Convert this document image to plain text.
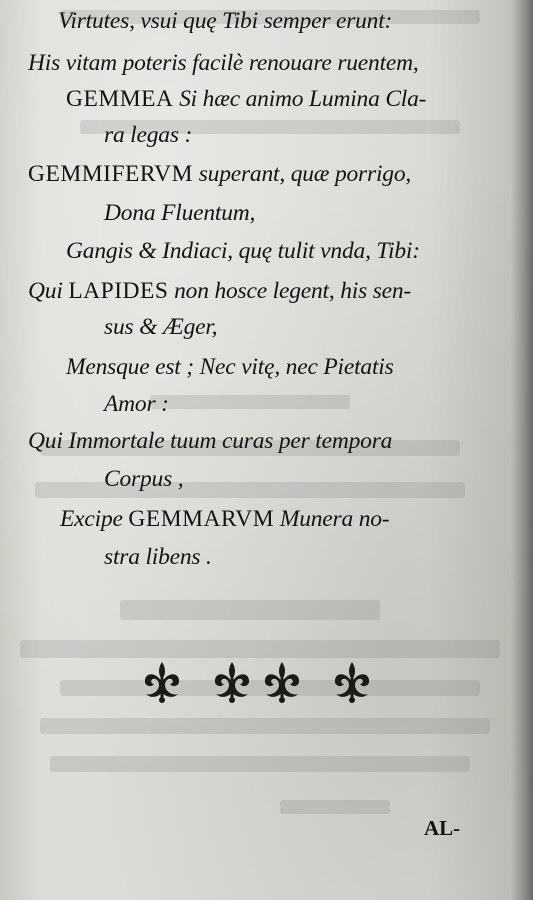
Virtutes, vsui quę Tibi semper erunt:
His vitam poteris facilè renouare ruentem,
GEMMEA Si hæc animo Lumina Cla-
ra legas :
GEMMIFERVM superant, quæ porrigo,
Dona Fluentum,
Gangis & Indiaci, quę tulit vnda, Tibi:
Qui LAPIDES non hosce legent, his sen-
sus & Æger,
Mensque est ; Nec vitę, nec Pietatis
Amor :
Qui Immortale tuum curas per tempora
Corpus ,
Excipe GEMMARVM Munera no-
stra libens .
AL-
